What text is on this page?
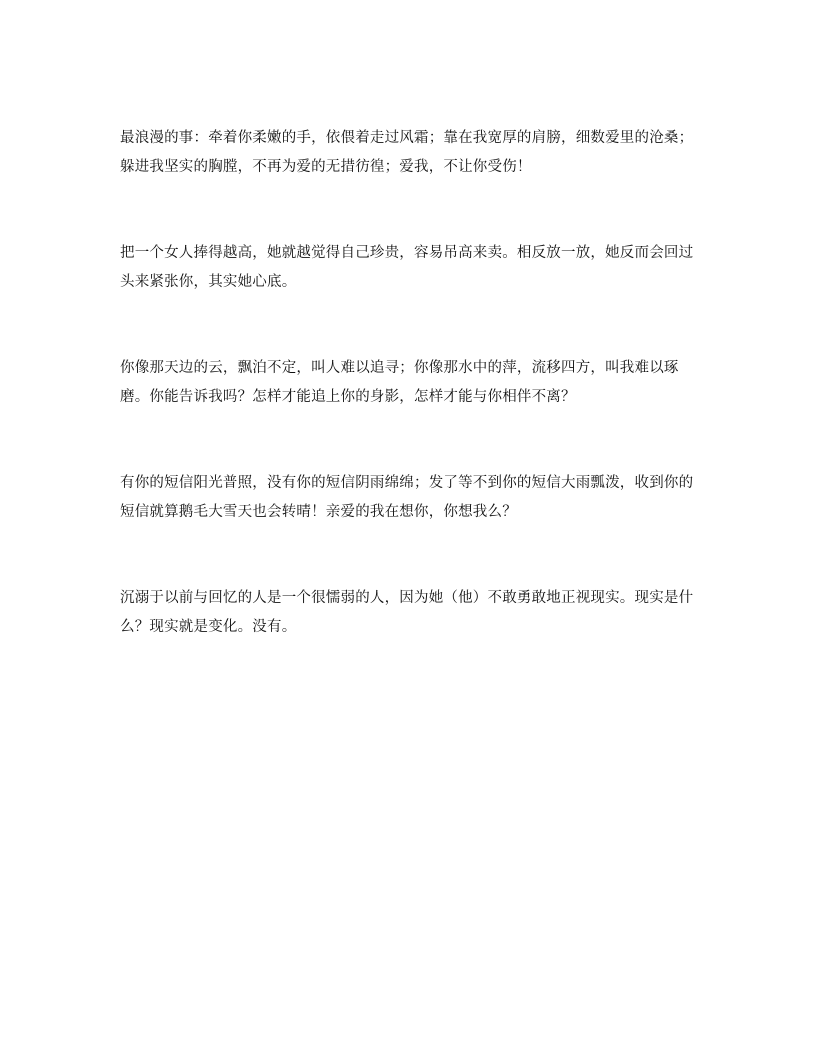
最浪漫的事：牵着你柔嫩的手，依偎着走过风霜；靠在我宽厚的肩膀，细数爱里的沧桑；躲进我坚实的胸膛，不再为爱的无措彷徨；爱我，不让你受伤！

把一个女人捧得越高，她就越觉得自己珍贵，容易吊高来卖。相反放一放，她反而会回过头来紧张你，其实她心底。

你像那天边的云，飘泊不定，叫人难以追寻；你像那水中的萍，流移四方，叫我难以琢磨。你能告诉我吗？怎样才能追上你的身影，怎样才能与你相伴不离？

有你的短信阳光普照，没有你的短信阴雨绵绵；发了等不到你的短信大雨瓢泼，收到你的短信就算鹅毛大雪天也会转晴！亲爱的我在想你，你想我么？

沉溺于以前与回忆的人是一个很懦弱的人，因为她（他）不敢勇敢地正视现实。现实是什么？现实就是变化。没有。
